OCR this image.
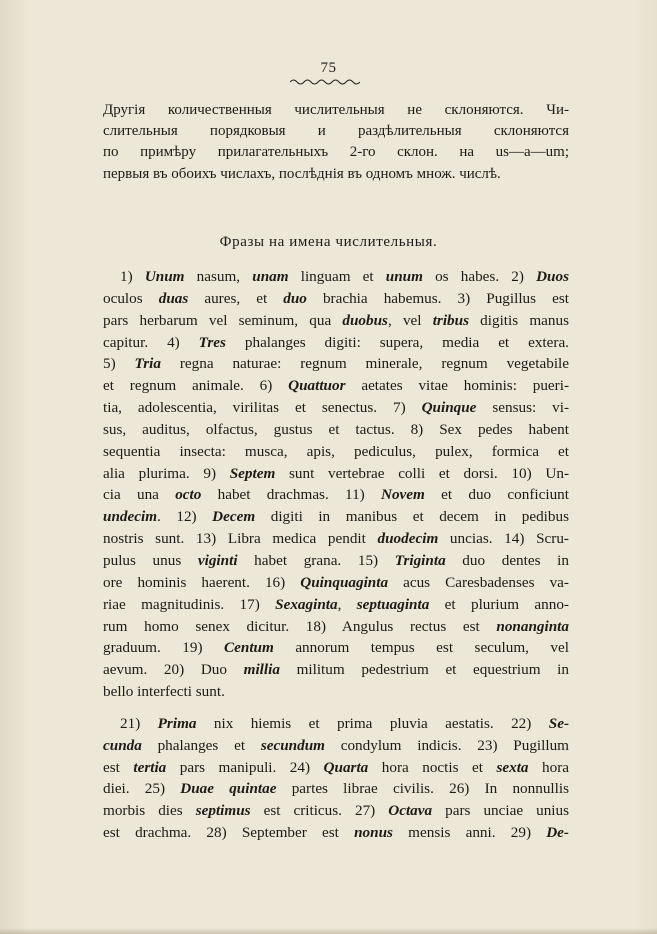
75

Другія количественныя числительныя не склоняются. Чи-

слительныя порядковыя и раздѣлительныя склоняются

по примѣру прилагательныхъ 2-го склон. на us—a—um;

первыя въ обоихъ числахъ, послѣднія въ одномъ множ. числѣ.

Фразы на имена числительныя.

1) Unum nasum, unam linguam et unum os habes. 2) Duos

oculos duas aures, et duo brachia habemus. 3) Pugillus est

pars herbarum vel seminum, qua duobus, vel tribus digitis manus

capitur. 4) Tres phalanges digiti: supera, media et extera.

5) Tria regna naturae: regnum minerale, regnum vegetabile

et regnum animale. 6) Quattuor aetates vitae hominis: pueri-

tia, adolescentia, virilitas et senectus. 7) Quinque sensus: vi-

sus, auditus, olfactus, gustus et tactus. 8) Sex pedes habent

sequentia insecta: musca, apis, pediculus, pulex, formica et

alia plurima. 9) Septem sunt vertebrae colli et dorsi. 10) Un-

cia una octo habet drachmas. 11) Novem et duo conficiunt

undecim. 12) Decem digiti in manibus et decem in pedibus

nostris sunt. 13) Libra medica pendit duodecim uncias. 14) Scru-

pulus unus viginti habet grana. 15) Triginta duo dentes in

ore hominis haerent. 16) Quinquaginta acus Caresbadenses va-

riae magnitudinis. 17) Sexaginta, septuaginta et plurium anno-

rum homo senex dicitur. 18) Angulus rectus est nonanginta

graduum. 19) Centum annorum tempus est seculum, vel

aevum. 20) Duo millia militum pedestrium et equestrium in

bello interfecti sunt.

21) Prima nix hiemis et prima pluvia aestatis. 22) Se-

cunda phalanges et secundum condylum indicis. 23) Pugillum

est tertia pars manipuli. 24) Quarta hora noctis et sexta hora

diei. 25) Duae quintae partes librae civilis. 26) In nonnullis

morbis dies septimus est criticus. 27) Octava pars unciae unius

est drachma. 28) September est nonus mensis anni. 29) De-
